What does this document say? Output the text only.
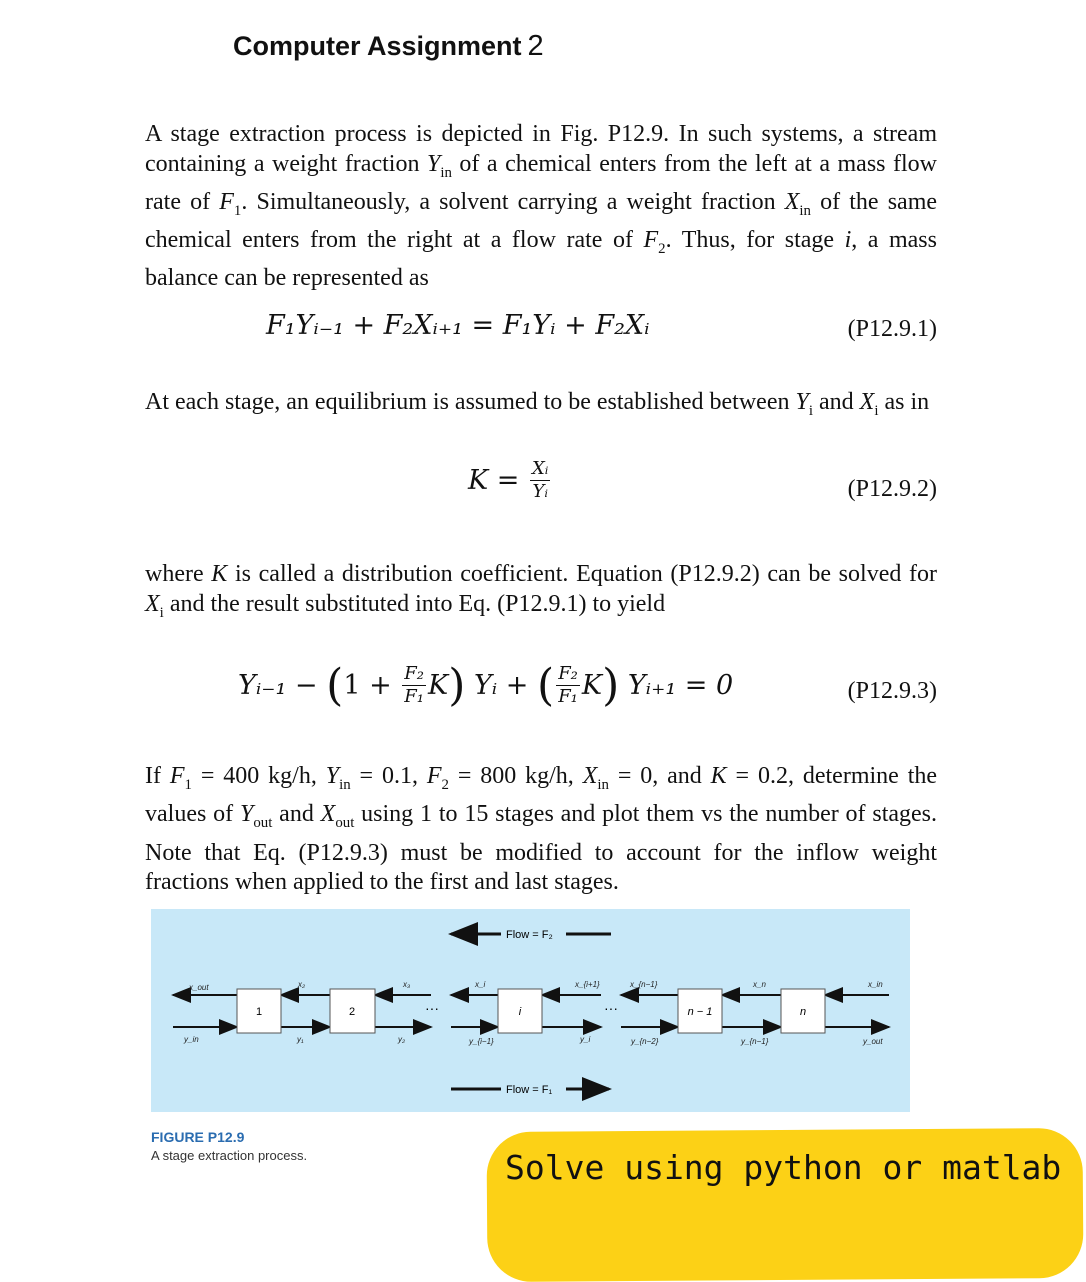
Computer Assignment 2
A stage extraction process is depicted in Fig. P12.9. In such systems, a stream containing a weight fraction $Y_{in}$ of a chemical enters from the left at a mass flow rate of $F_1$. Simultaneously, a solvent carrying a weight fraction $X_{in}$ of the same chemical enters from the right at a flow rate of $F_2$. Thus, for stage i, a mass balance can be represented as
F₁Yᵢ₋₁ + F₂Xᵢ₊₁ = F₁Yᵢ + F₂Xᵢ	(P12.9.1)
At each stage, an equilibrium is assumed to be established between $Y_i$ and $X_i$ as in
$K = \frac{\text{Xᵢ}}{\text{Yᵢ}}$	(P12.9.2)
where K is called a distribution coefficient. Equation (P12.9.2) can be solved for $X_i$ and the result substituted into Eq. (P12.9.1) to yield
Yᵢ₋₁ − $(1 + \frac{\text{F₂}}{\text{F₁}} K)$ Yᵢ + ( $\frac{\text{F₂}}{\text{F₁}} K$) Yᵢ₊₁ = 0	(P12.9.3)
If $F_1 = 400$ kg/h, $Y_{in} = 0.1$, $F_2 = 800$ kg/h, $X_{in} = 0$, and K = 0.2, determine the values of $Y_{out}$ and $X_{out}$ using 1 to 15 stages and plot them vs the number of stages. Note that Eq. (P12.9.3) must be modified to account for the inflow weight fractions when applied to the first and last stages.
Flow = F₂
Flow = F₁
1	2	i	n − 1	n
···	···
x_out	x₂	x₃	x_i	x_{i+1}	x_{n−1}	x_n	x_in
y_in	y₁	y₂	y_{i−1}	y_i	y_{n−2}	y_{n−1}	y_out
FIGURE P12.9
A stage extraction process.	Solve using python or matlab
